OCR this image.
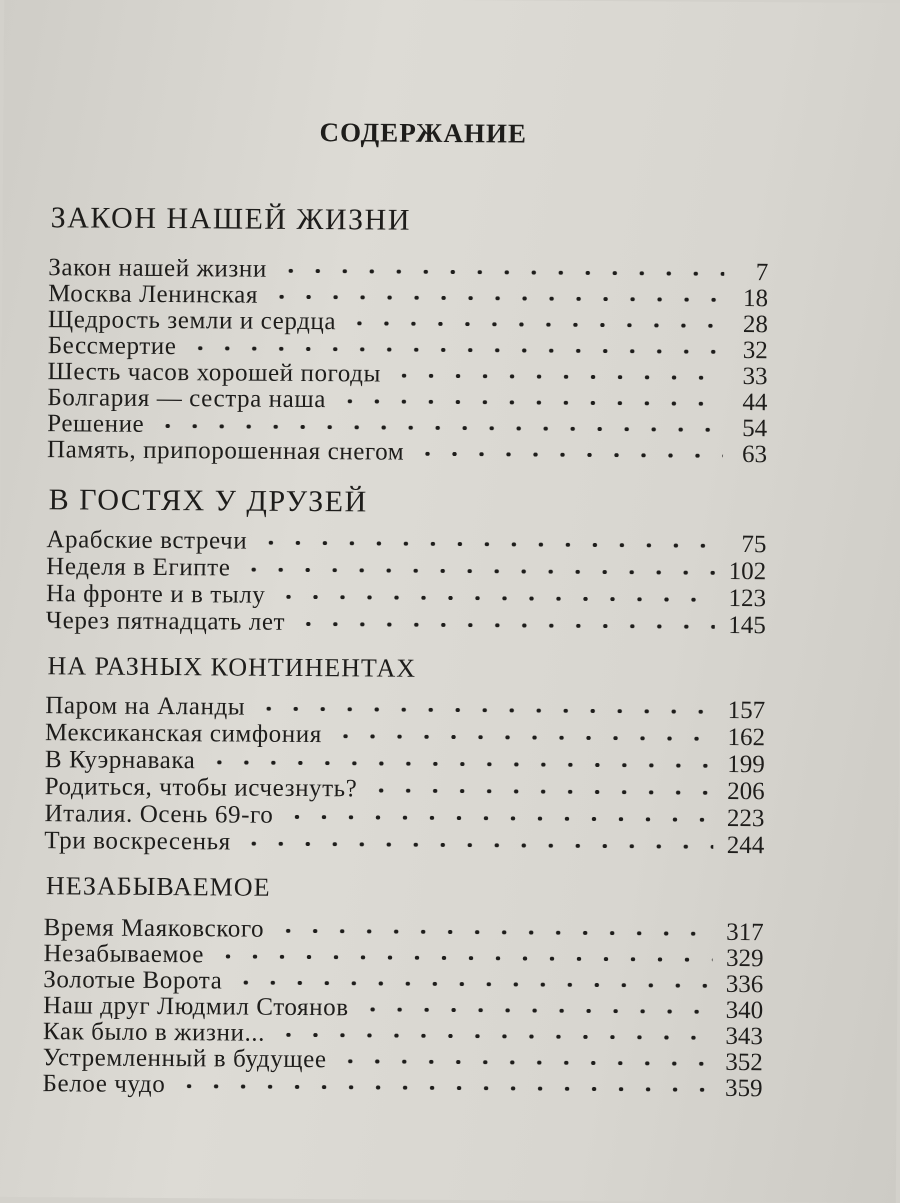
СОДЕРЖАНИЕ
ЗАКОН НАШЕЙ ЖИЗНИ
Закон нашей жизни	7
Москва Ленинская	18
Щедрость земли и сердца	28
Бессмертие	32
Шесть часов хорошей погоды	33
Болгария — сестра наша	44
Решение	54
Память, припорошенная снегом	63
В ГОСТЯХ У ДРУЗЕЙ
Арабские встречи	75
Неделя в Египте	102
На фронте и в тылу	123
Через пятнадцать лет	145
НА РАЗНЫХ КОНТИНЕНТАХ
Паром на Аланды	157
Мексиканская симфония	162
В Куэрнавака	199
Родиться, чтобы исчезнуть?	206
Италия. Осень 69-го	223
Три воскресенья	244
НЕЗАБЫВАЕМОЕ
Время Маяковского	317
Незабываемое	329
Золотые Ворота	336
Наш друг Людмил Стоянов	340
Как было в жизни...	343
Устремленный в будущее	352
Белое чудо	359
